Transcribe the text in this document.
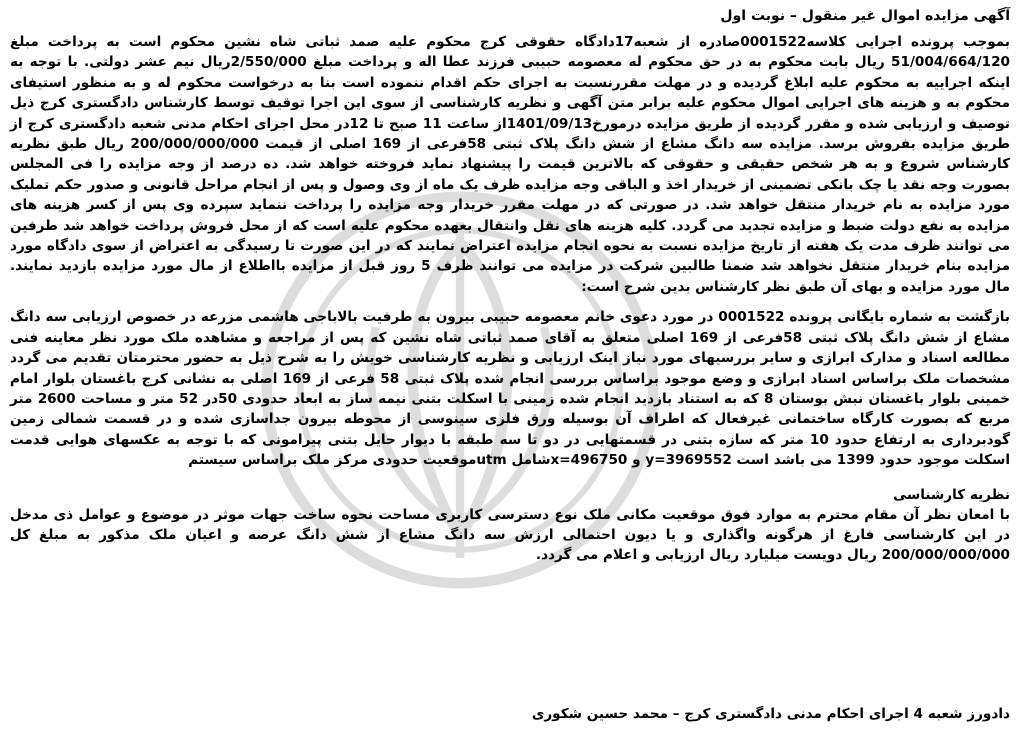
آگهی مزایده اموال غیر منقول – نوبت اول

بموجب پرونده اجرایی کلاسه0001522صادره از شعبه17دادگاه حقوقی کرج محکوم علیه صمد ثباتی شاه نشین محکوم است به پرداخت مبلغ 51/004/664/120 ریال بابت محکوم به در حق محکوم له معصومه حبیبی فرزند عطا اله و پرداخت مبلغ 2/550/000ریال نیم عشر دولتی. با توجه به اینکه اجراییه به محکوم علیه ابلاغ گردیده و در مهلت مقررنسبت به اجرای حکم اقدام ننموده است بنا به درخواست محکوم له و به منظور استیفای محکوم به و هزینه های اجرایی اموال محکوم علیه برابر متن آگهی و نظریه کارشناسی از سوی این اجرا توقیف توسط کارشناس دادگستری کرج ذیل توصیف و ارزیابی شده و مقرر گردیده از طریق مزایده درمورخ1401/09/13از ساعت 11 صبح تا 12در محل اجرای احکام مدنی شعبه دادگستری کرج از طریق مزایده بفروش برسد. مزایده سه دانگ مشاع از شش دانگ پلاک ثبتی 58فرعی از 169 اصلی از قیمت 200/000/000/000 ریال طبق نظریه کارشناس شروع و به هر شخص حقیقی و حقوقی که بالاترین قیمت را پیشنهاد نماید فروخته خواهد شد. ده درصد از وجه مزایده را فی المجلس بصورت وجه نقد یا چک بانکی تضمینی از خریدار اخذ و الباقی وجه مزایده ظرف یک ماه از وی وصول و پس از انجام مراحل قانونی و صدور حکم تملیک مورد مزایده به نام خریدار منتقل خواهد شد. در صورتی که در مهلت مقرر خریدار وجه مزایده را پرداخت ننماید سپرده وی پس از کسر هزینه های مزایده به نفع دولت ضبط و مزایده تجدید می گردد. کلیه هزینه های نقل وانتقال بعهده محکوم علیه است که از محل فروش پرداخت خواهد شد طرفین می توانند ظرف مدت یک هفته از تاریخ مزایده نسبت به نحوه انجام مزایده اعتراض نمایند که در این صورت تا رسیدگی به اعتراض از سوی دادگاه مورد مزایده بنام خریدار منتقل نخواهد شد ضمنا طالبین شرکت در مزایده می توانند ظرف 5 روز قبل از مزایده بااطلاع از مال مورد مزایده بازدید نمایند. مال مورد مزایده و بهای آن طبق نظر کارشناس بدین شرح است:

بازگشت به شماره بایگانی پرونده 0001522 در مورد دعوی خانم معصومه حبیبی بیرون به طرفیت بالاباجی هاشمی مزرعه در خصوص ارزیابی سه دانگ مشاع از شش دانگ پلاک ثبتی 58فرعی از 169 اصلی متعلق به آقای صمد ثباتی شاه نشین که پس از مراجعه و مشاهده ملک مورد نظر معاینه فنی مطالعه اسناد و مدارک ابرازی و سایر بررسیهای مورد نیاز اینک ارزیابی و نظریه کارشناسی خویش را به شرح ذیل به حضور محترمتان تقدیم می گردد مشخصات ملک براساس اسناد ابرازی و وضع موجود براساس بررسی انجام شده پلاک ثبتی 58 فرعی از 169 اصلی به نشانی کرج باغستان بلوار امام خمینی بلوار باغستان نبش بوستان 8 که به استناد بازدید انجام شده زمینی با اسکلت بتنی نیمه ساز به ابعاد حدودی 50در 52 متر و مساحت 2600 متر مربع که بصورت کارگاه ساختمانی غیرفعال که اطراف آن بوسیله ورق فلزی سینوسی از محوطه بیرون جداسازی شده و در قسمت شمالی زمین گودبرداری به ارتفاع حدود 10 متر که سازه بتنی در قسمتهایی در دو تا سه طبقه با دیوار حایل بتنی پیرامونی که با توجه به عکسهای هوایی قدمت اسکلت موجود حدود 1399 می باشد است 3969552=y و x=496750شامل utmموقعیت حدودی مرکز ملک براساس سیستم

نظریه کارشناسی

با امعان نظر آن مقام محترم به موارد فوق موقعیت مکانی ملک نوع دسترسی کاربری مساحت نحوه ساخت جهات موثر در موضوع و عوامل ذی مدخل در این کارشناسی فارغ از هرگونه واگذاری و یا دیون احتمالی ارزش سه دانگ مشاع از شش دانگ عرصه و اعیان ملک مذکور به مبلغ کل 200/000/000/000 ریال دویست میلیارد ریال ارزیابی و اعلام می گردد.

دادورز شعبه 4 اجرای احکام مدنی دادگستری کرج – محمد حسین شکوری
